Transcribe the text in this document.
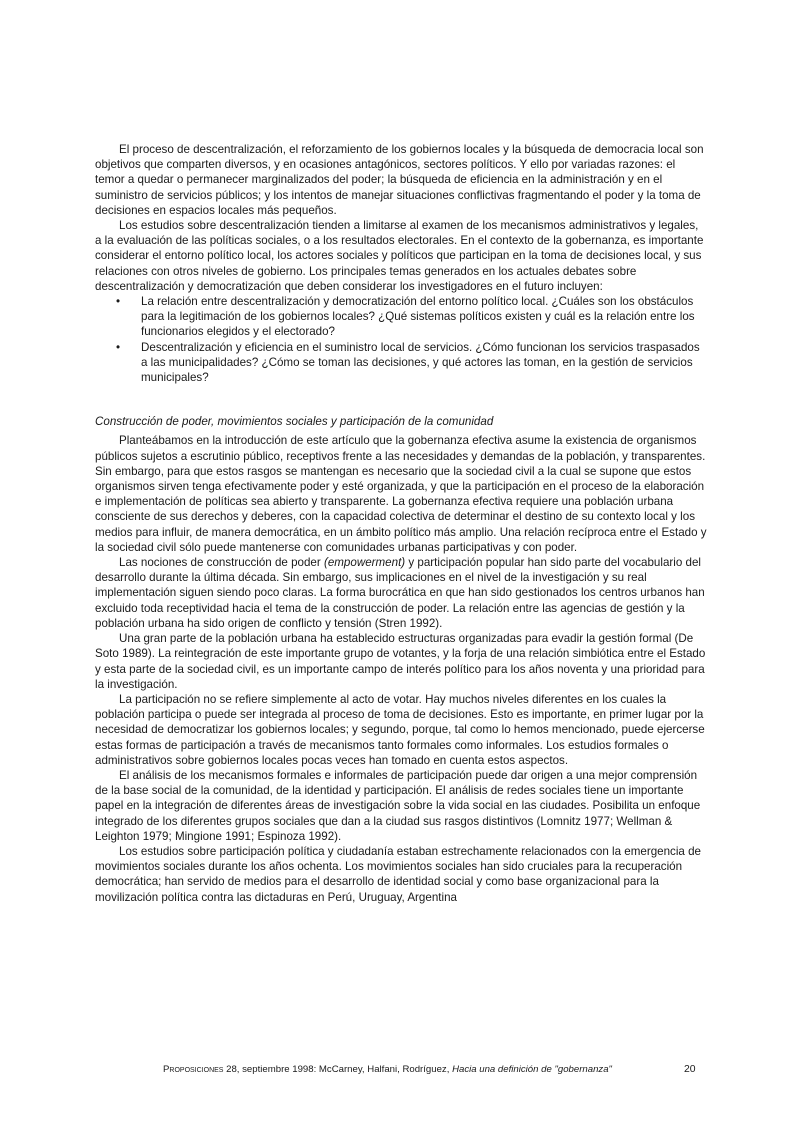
El proceso de descentralización, el reforzamiento de los gobiernos locales y la búsqueda de democracia local son objetivos que comparten diversos, y en ocasiones antagónicos, sectores políticos. Y ello por variadas razones: el temor a quedar o permanecer marginalizados del poder; la búsqueda de eficiencia en la administración y en el suministro de servicios públicos; y los intentos de manejar situaciones conflictivas fragmentando el poder y la toma de decisiones en espacios locales más pequeños.

Los estudios sobre descentralización tienden a limitarse al examen de los mecanismos administrativos y legales, a la evaluación de las políticas sociales, o a los resultados electorales. En el contexto de la gobernanza, es importante considerar el entorno político local, los actores sociales y políticos que participan en la toma de decisiones local, y sus relaciones con otros niveles de gobierno. Los principales temas generados en los actuales debates sobre descentralización y democratización que deben considerar los investigadores en el futuro incluyen:

• La relación entre descentralización y democratización del entorno político local. ¿Cuáles son los obstáculos para la legitimación de los gobiernos locales? ¿Qué sistemas políticos existen y cuál es la relación entre los funcionarios elegidos y el electorado?
• Descentralización y eficiencia en el suministro local de servicios. ¿Cómo funcionan los servicios traspasados a las municipalidades? ¿Cómo se toman las decisiones, y qué actores las toman, en la gestión de servicios municipales?

Construcción de poder, movimientos sociales y participación de la comunidad

Planteábamos en la introducción de este artículo que la gobernanza efectiva asume la existencia de organismos públicos sujetos a escrutinio público, receptivos frente a las necesidades y demandas de la población, y transparentes. Sin embargo, para que estos rasgos se mantengan es necesario que la sociedad civil a la cual se supone que estos organismos sirven tenga efectivamente poder y esté organizada, y que la participación en el proceso de la elaboración e implementación de políticas sea abierto y transparente. La gobernanza efectiva requiere una población urbana consciente de sus derechos y deberes, con la capacidad colectiva de determinar el destino de su contexto local y los medios para influir, de manera democrática, en un ámbito político más amplio. Una relación recíproca entre el Estado y la sociedad civil sólo puede mantenerse con comunidades urbanas participativas y con poder.

Las nociones de construcción de poder (empowerment) y participación popular han sido parte del vocabulario del desarrollo durante la última década. Sin embargo, sus implicaciones en el nivel de la investigación y su real implementación siguen siendo poco claras. La forma burocrática en que han sido gestionados los centros urbanos han excluido toda receptividad hacia el tema de la construcción de poder. La relación entre las agencias de gestión y la población urbana ha sido origen de conflicto y tensión (Stren 1992).

Una gran parte de la población urbana ha establecido estructuras organizadas para evadir la gestión formal (De Soto 1989). La reintegración de este importante grupo de votantes, y la forja de una relación simbiótica entre el Estado y esta parte de la sociedad civil, es un importante campo de interés político para los años noventa y una prioridad para la investigación.

La participación no se refiere simplemente al acto de votar. Hay muchos niveles diferentes en los cuales la población participa o puede ser integrada al proceso de toma de decisiones. Esto es importante, en primer lugar por la necesidad de democratizar los gobiernos locales; y segundo, porque, tal como lo hemos mencionado, puede ejercerse estas formas de participación a través de mecanismos tanto formales como informales. Los estudios formales o administrativos sobre gobiernos locales pocas veces han tomado en cuenta estos aspectos.

El análisis de los mecanismos formales e informales de participación puede dar origen a una mejor comprensión de la base social de la comunidad, de la identidad y participación. El análisis de redes sociales tiene un importante papel en la integración de diferentes áreas de investigación sobre la vida social en las ciudades. Posibilita un enfoque integrado de los diferentes grupos sociales que dan a la ciudad sus rasgos distintivos (Lomnitz 1977; Wellman & Leighton 1979; Mingione 1991; Espinoza 1992).

Los estudios sobre participación política y ciudadanía estaban estrechamente relacionados con la emergencia de movimientos sociales durante los años ochenta. Los movimientos sociales han sido cruciales para la recuperación democrática; han servido de medios para el desarrollo de identidad social y como base organizacional para la movilización política contra las dictaduras en Perú, Uruguay, Argentina

Proposiciones 28, septiembre 1998: McCarney, Halfani, Rodríguez, Hacia una definición de "gobernanza"	20
